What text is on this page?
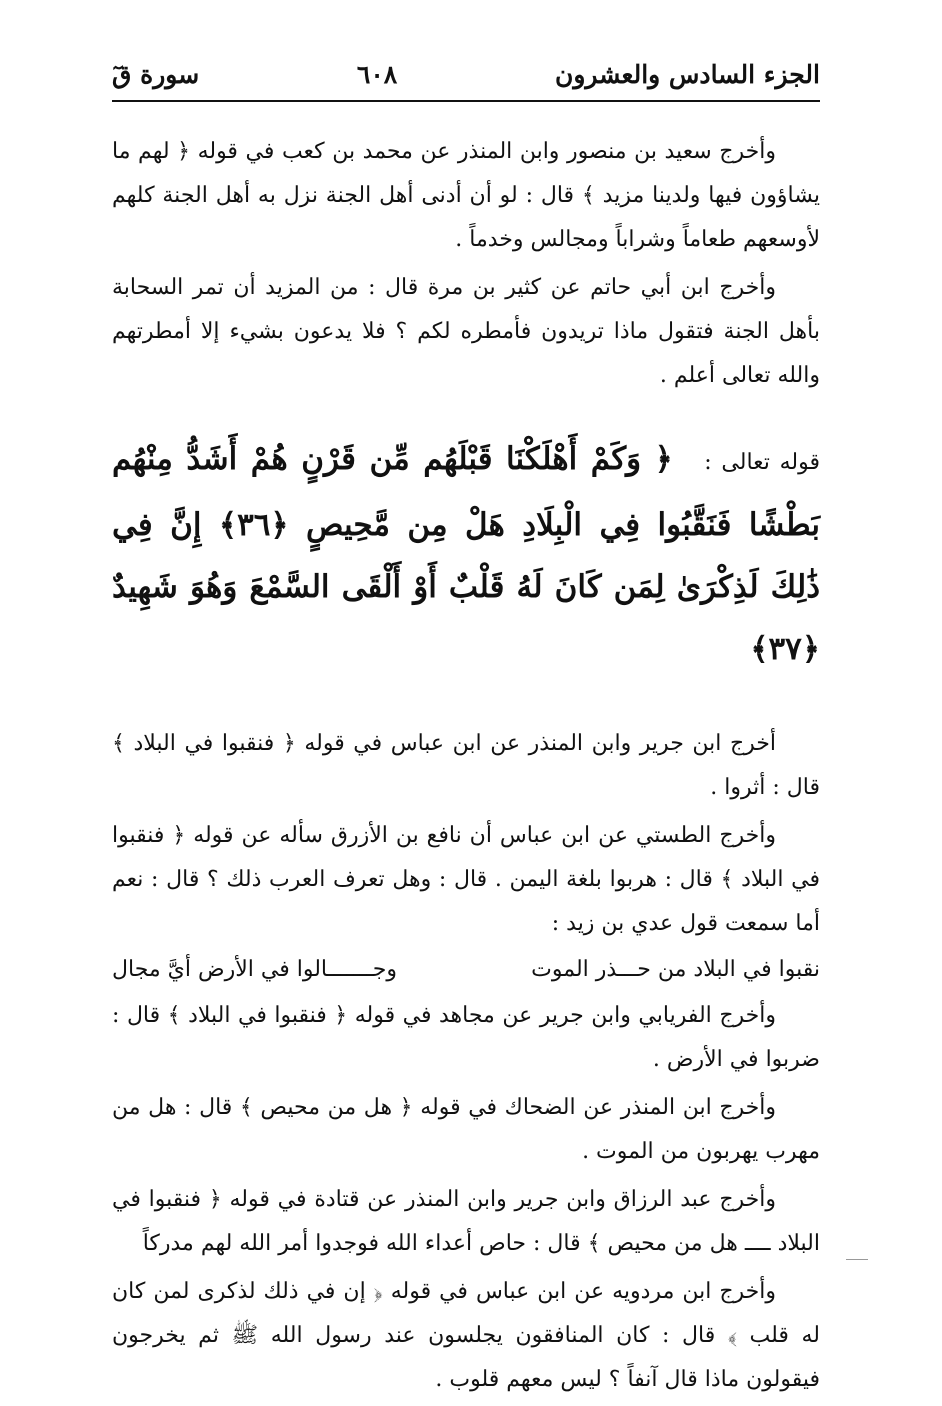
الجزء السادس والعشرون
٦٠٨
سورة قٓ

وأخرج سعيد بن منصور وابن المنذر عن محمد بن كعب في قوله ﴿ لهم ما يشاؤون فيها ولدينا مزيد ﴾ قال : لو أن أدنى أهل الجنة نزل به أهل الجنة كلهم لأوسعهم طعاماً وشراباً ومجالس وخدماً .

وأخرج ابن أبي حاتم عن كثير بن مرة قال : من المزيد أن تمر السحابة بأهل الجنة فتقول ماذا تريدون فأمطره لكم ؟ فلا يدعون بشيء إلا أمطرتهم والله تعالى أعلم .

قوله تعالى : ﴿ وَكَمْ أَهْلَكْنَا قَبْلَهُم مِّن قَرْنٍ هُمْ أَشَدُّ مِنْهُم بَطْشًا فَنَقَّبُوا فِي الْبِلَادِ هَلْ مِن مَّحِيصٍ ﴿٣٦﴾ إِنَّ فِي ذَٰلِكَ لَذِكْرَىٰ لِمَن كَانَ لَهُ قَلْبٌ أَوْ أَلْقَى السَّمْعَ وَهُوَ شَهِيدٌ ﴿٣٧﴾

أخرج ابن جرير وابن المنذر عن ابن عباس في قوله ﴿ فنقبوا في البلاد ﴾ قال : أثروا .

وأخرج الطستي عن ابن عباس أن نافع بن الأزرق سأله عن قوله ﴿ فنقبوا في البلاد ﴾ قال : هربوا بلغة اليمن . قال : وهل تعرف العرب ذلك ؟ قال : نعم أما سمعت قول عدي بن زيد :

نقبوا في البلاد من حـــذر الموت
وجـــــــالوا في الأرض أيَّ مجال

وأخرج الفريابي وابن جرير عن مجاهد في قوله ﴿ فنقبوا في البلاد ﴾ قال : ضربوا في الأرض .

وأخرج ابن المنذر عن الضحاك في قوله ﴿ هل من محيص ﴾ قال : هل من مهرب يهربون من الموت .

وأخرج عبد الرزاق وابن جرير وابن المنذر عن قتادة في قوله ﴿ فنقبوا في البلاد ــــ هل من محيص ﴾ قال : حاص أعداء الله فوجدوا أمر الله لهم مدركاً

وأخرج ابن مردويه عن ابن عباس في قوله ﴿ إن في ذلك لذكرى لمن كان له قلب ﴾ قال : كان المنافقون يجلسون عند رسول الله ﷺ ثم يخرجون فيقولون ماذا قال آنفاً ؟ ليس معهم قلوب .
